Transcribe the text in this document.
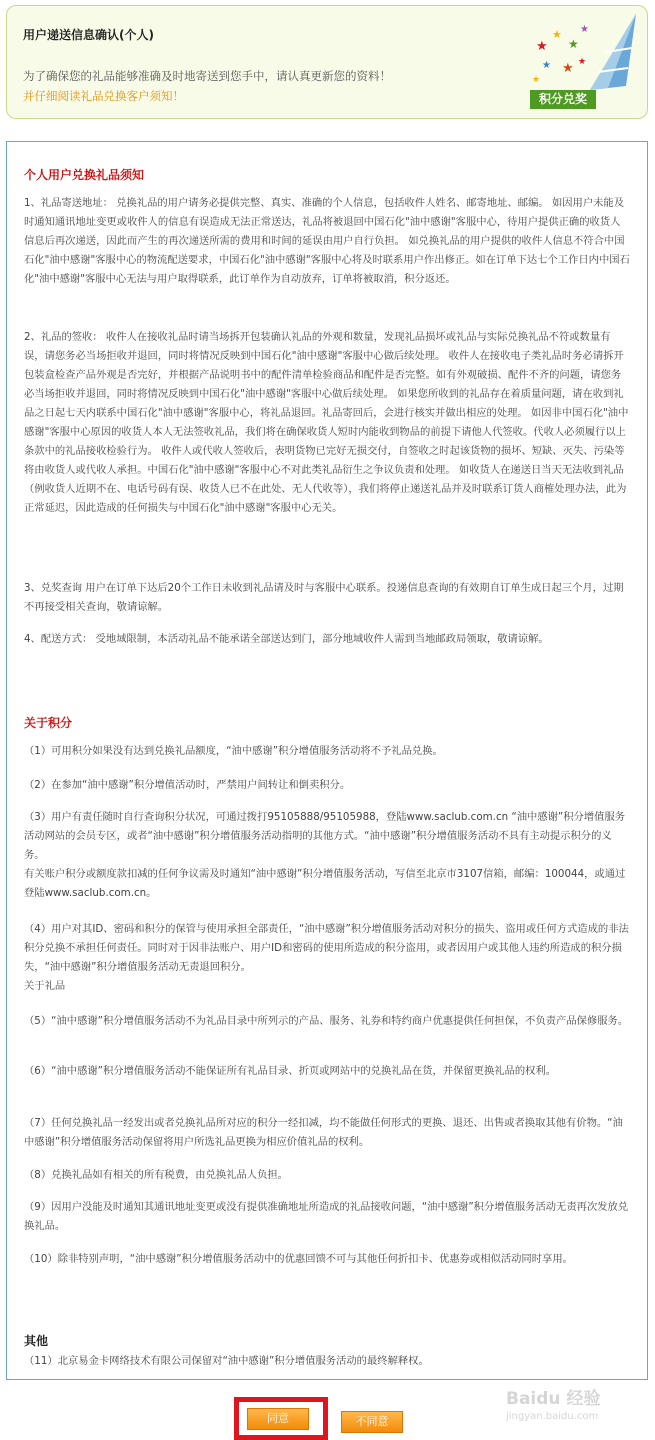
用户递送信息确认(个人)
为了确保您的礼品能够准确及时地寄送到您手中，请认真更新您的资料！
并仔细阅读礼品兑换客户须知！
★
★
★
★ ★
★
★
★
积分兑奖
个人用户兑换礼品须知
1、礼品寄送地址： 兑换礼品的用户请务必提供完整、真实、准确的个人信息，包括收件人姓名、邮寄地址、邮编。 如因用户未能及时通知通讯地址变更或收件人的信息有误造成无法正常送达，礼品将被退回中国石化"油中感谢"客服中心，待用户提供正确的收货人信息后再次递送，因此而产生的再次递送所需的费用和时间的延误由用户自行负担。 如兑换礼品的用户提供的收件人信息不符合中国石化"油中感谢"客服中心的物流配送要求，中国石化"油中感谢"客服中心将及时联系用户作出修正。如在订单下达七个工作日内中国石化"油中感谢"客服中心无法与用户取得联系，此订单作为自动放弃，订单将被取消，积分返还。
2、礼品的签收： 收件人在接收礼品时请当场拆开包装确认礼品的外观和数量，发现礼品损坏或礼品与实际兑换礼品不符或数量有误，请您务必当场拒收并退回，同时将情况反映到中国石化"油中感谢"客服中心做后续处理。 收件人在接收电子类礼品时务必请拆开包装盒检查产品外观是否完好，并根据产品说明书中的配件清单检验商品和配件是否完整。如有外观破损、配件不齐的问题，请您务必当场拒收并退回，同时将情况反映到中国石化"油中感谢"客服中心做后续处理。 如果您所收到的礼品存在着质量问题，请在收到礼品之日起七天内联系中国石化"油中感谢"客服中心，将礼品退回。礼品寄回后，会进行核实并做出相应的处理。 如因非中国石化"油中感谢"客服中心原因的收货人本人无法签收礼品，我们将在确保收货人短时内能收到物品的前提下请他人代签收。代收人必须履行以上条款中的礼品接收检验行为。 收件人或代收人签收后，表明货物已完好无损交付，自签收之时起该货物的损坏、短缺、灭失、污染等将由收货人或代收人承担。中国石化"油中感谢"客服中心不对此类礼品衍生之争议负责和处理。 如收货人在递送日当天无法收到礼品（例收货人近期不在、电话号码有误、收货人已不在此处、无人代收等），我们将停止递送礼品并及时联系订货人商榷处理办法，此为正常延迟，因此造成的任何损失与中国石化"油中感谢"客服中心无关。
3、兑奖查询 用户在订单下达后20个工作日未收到礼品请及时与客服中心联系。投递信息查询的有效期自订单生成日起三个月，过期不再接受相关查询，敬请谅解。
4、配送方式： 受地域限制，本活动礼品不能承诺全部送达到门，部分地域收件人需到当地邮政局领取，敬请谅解。
关于积分
（1）可用积分如果没有达到兑换礼品额度，“油中感谢”积分增值服务活动将不予礼品兑换。
（2）在参加“油中感谢”积分增值活动时，严禁用户间转让和倒卖积分。
（3）用户有责任随时自行查询积分状况，可通过拨打95105888/95105988，登陆www.saclub.com.cn “油中感谢”积分增值服务活动网站的会员专区，或者“油中感谢”积分增值服务活动指明的其他方式。“油中感谢”积分增值服务活动不具有主动提示积分的义务。
有关账户积分或额度款扣减的任何争议需及时通知“油中感谢”积分增值服务活动，写信至北京市3107信箱，邮编：100044，或通过登陆www.saclub.com.cn。
（4）用户对其ID、密码和积分的保管与使用承担全部责任，“油中感谢”积分增值服务活动对积分的损失、盗用或任何方式造成的非法积分兑换不承担任何责任。同时对于因非法账户、用户ID和密码的使用所造成的积分盗用，或者因用户或其他人违约所造成的积分损失，“油中感谢”积分增值服务活动无责退回积分。
关于礼品
（5）“油中感谢”积分增值服务活动不为礼品目录中所列示的产品、服务、礼券和特约商户优惠提供任何担保，不负责产品保修服务。
（6）“油中感谢”积分增值服务活动不能保证所有礼品目录、折页或网站中的兑换礼品在货，并保留更换礼品的权利。
（7）任何兑换礼品一经发出或者兑换礼品所对应的积分一经扣减，均不能做任何形式的更换、退还、出售或者换取其他有价物。“油中感谢”积分增值服务活动保留将用户所选礼品更换为相应价值礼品的权利。
（8）兑换礼品如有相关的所有税费，由兑换礼品人负担。
（9）因用户没能及时通知其通讯地址变更或没有提供准确地址所造成的礼品接收问题，“油中感谢”积分增值服务活动无责再次发放兑换礼品。
（10）除非特别声明，“油中感谢”积分增值服务活动中的优惠回馈不可与其他任何折扣卡、优惠券或相似活动同时享用。
其他
（11）北京易金卡网络技术有限公司保留对“油中感谢”积分增值服务活动的最终解释权。
同意	不同意
Baidu 经验
jingyan.baidu.com
